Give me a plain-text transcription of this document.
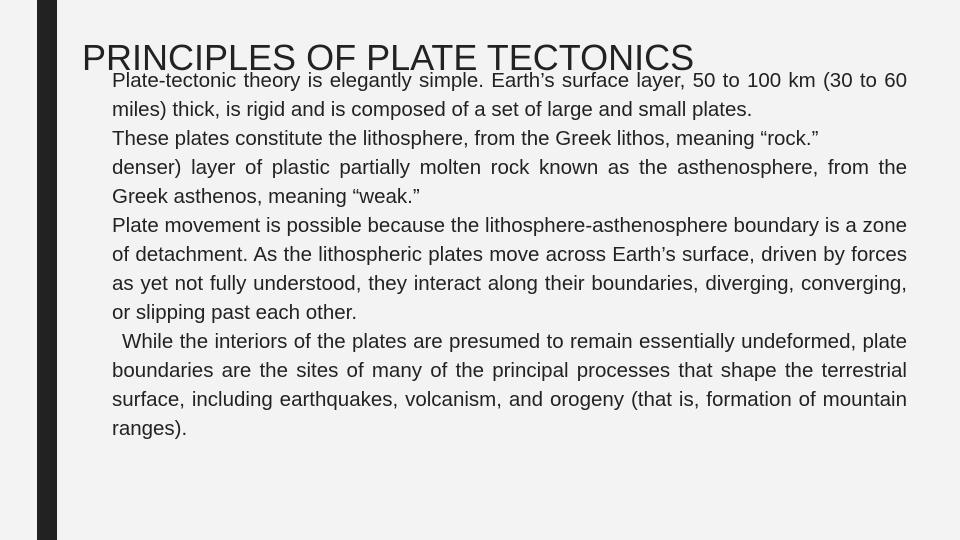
PRINCIPLES OF PLATE TECTONICS

Plate-tectonic theory is elegantly simple. Earth’s surface layer, 50 to 100 km (30 to 60 miles) thick, is rigid and is composed of a set of large and small plates.

These plates constitute the lithosphere, from the Greek lithos, meaning “rock.”

denser) layer of plastic partially molten rock known as the asthenosphere, from the Greek asthenos, meaning “weak.”

Plate movement is possible because the lithosphere-asthenosphere boundary is a zone of detachment. As the lithospheric plates move across Earth’s surface, driven by forces as yet not fully understood, they interact along their boundaries, diverging, converging, or slipping past each other.

While the interiors of the plates are presumed to remain essentially undeformed, plate boundaries are the sites of many of the principal processes that shape the terrestrial surface, including earthquakes, volcanism, and orogeny (that is, formation of mountain ranges).
